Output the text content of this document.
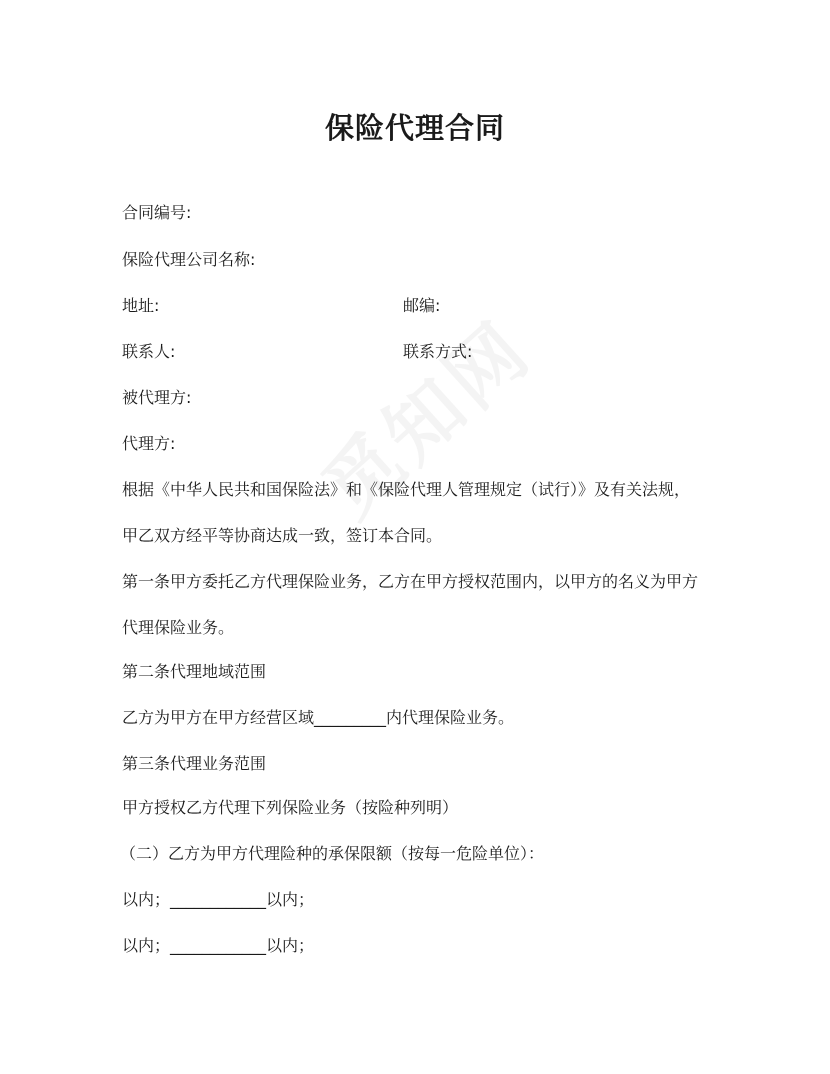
保险代理合同
合同编号:
保险代理公司名称:
地址:	邮编:
联系人:	联系方式:
被代理方:
代理方:
根据《中华人民共和国保险法》和《保险代理人管理规定（试行）》及有关法规，
甲乙双方经平等协商达成一致，签订本合同。
第一条甲方委托乙方代理保险业务，乙方在甲方授权范围内，以甲方的名义为甲方
代理保险业务。
第二条代理地域范围
乙方为甲方在甲方经营区域_________内代理保险业务。
第三条代理业务范围
甲方授权乙方代理下列保险业务（按险种列明）
（二）乙方为甲方代理险种的承保限额（按每一危险单位）：
以内；____________以内；
以内；____________以内；
